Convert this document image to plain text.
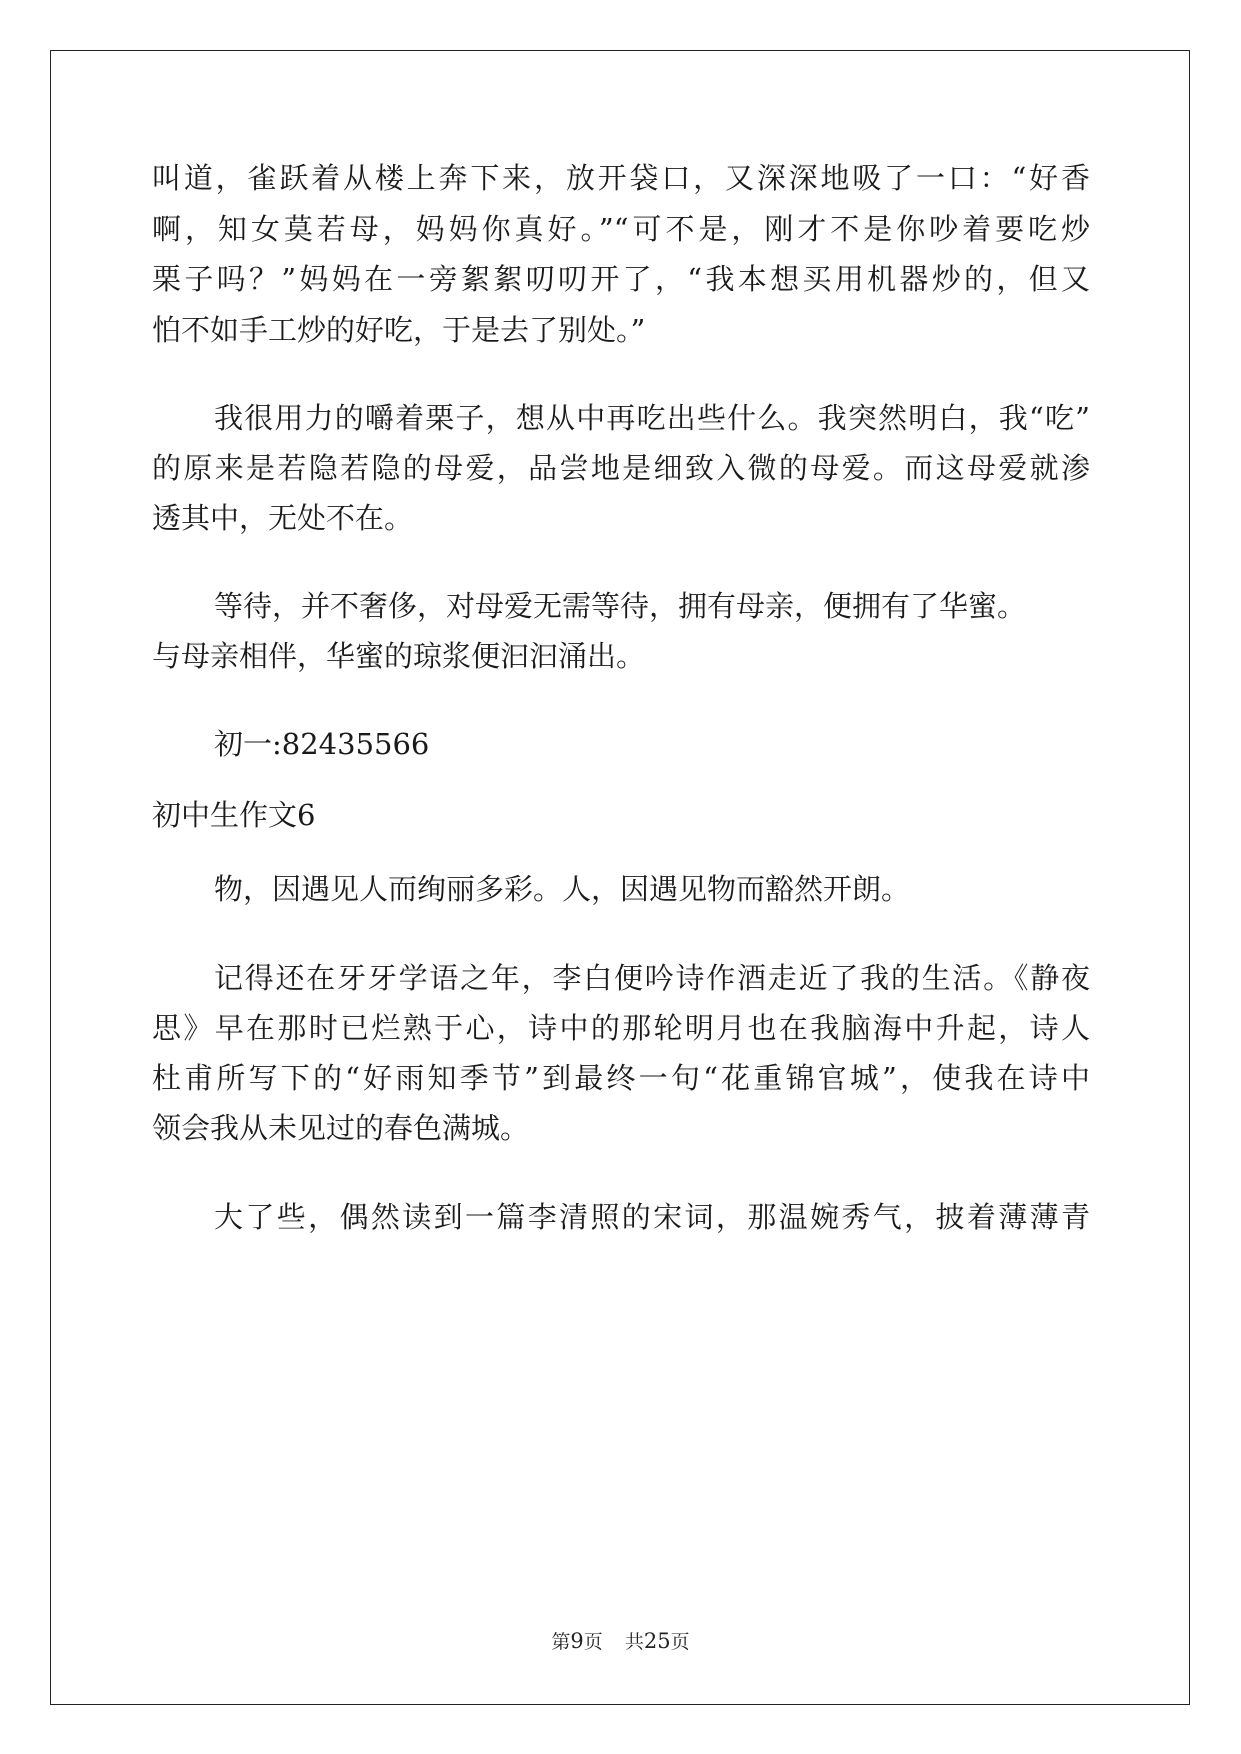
叫道，雀跃着从楼上奔下来，放开袋口，又深深地吸了一口：“好香
啊，知女莫若母，妈妈你真好。”“可不是，刚才不是你吵着要吃炒
栗子吗？”妈妈在一旁絮絮叨叨开了，“我本想买用机器炒的，但又
怕不如手工炒的好吃，于是去了别处。”
我很用力的嚼着栗子，想从中再吃出些什么。我突然明白，我“吃”
的原来是若隐若隐的母爱，品尝地是细致入微的母爱。而这母爱就渗
透其中，无处不在。
等待，并不奢侈，对母爱无需等待，拥有母亲，便拥有了华蜜。
与母亲相伴，华蜜的琼浆便汩汩涌出。
初一:82435566
初中生作文6
物，因遇见人而绚丽多彩。人，因遇见物而豁然开朗。
记得还在牙牙学语之年，李白便吟诗作酒走近了我的生活。《静夜
思》早在那时已烂熟于心，诗中的那轮明月也在我脑海中升起，诗人
杜甫所写下的“好雨知季节”到最终一句“花重锦官城”，使我在诗中
领会我从未见过的春色满城。
大了些，偶然读到一篇李清照的宋词，那温婉秀气，披着薄薄青
第9页 共25页
